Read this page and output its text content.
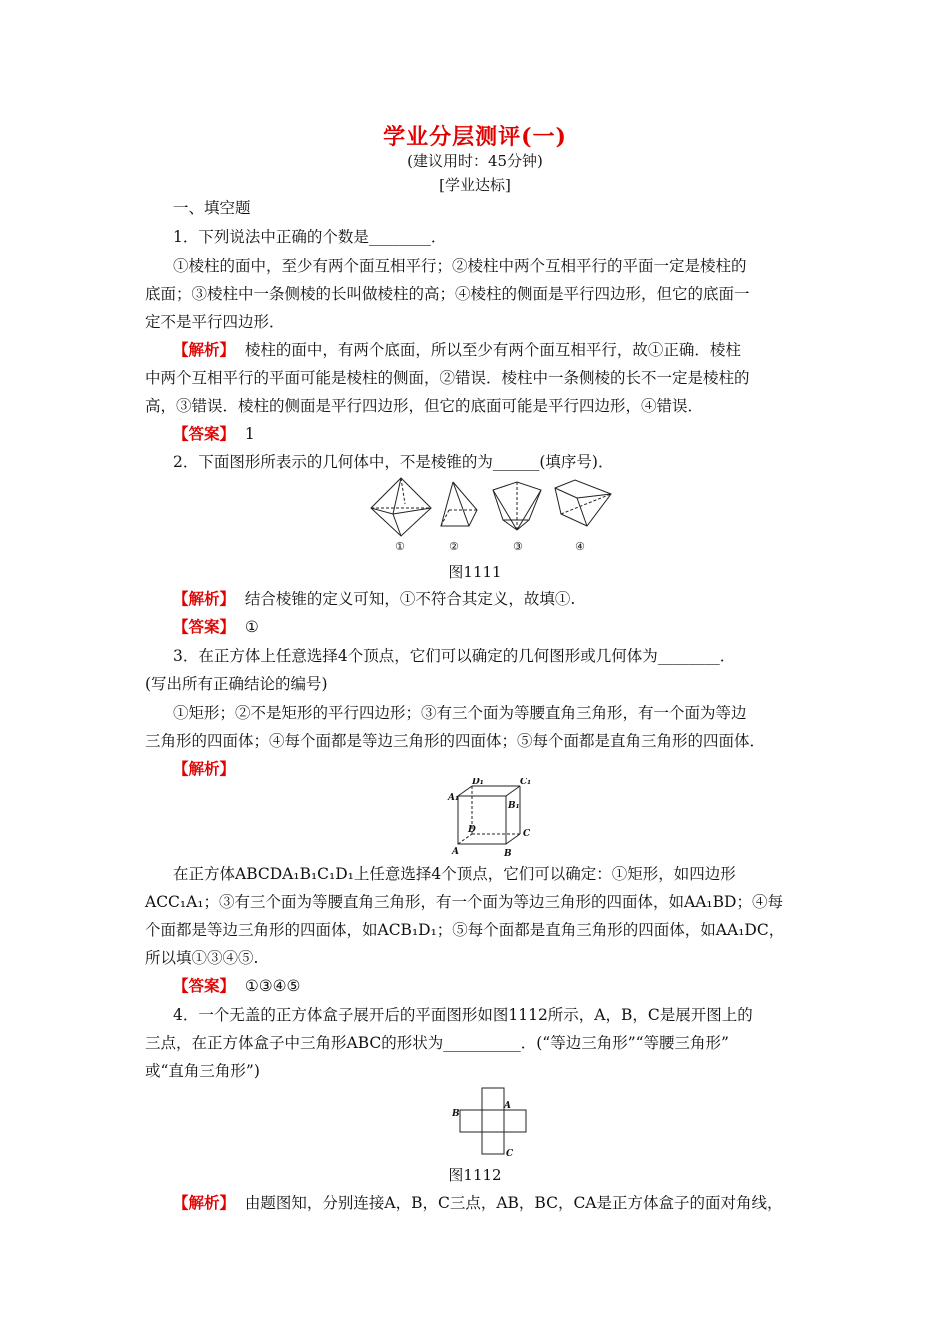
学业分层测评(一)
(建议用时：45分钟)
[学业达标]
一、填空题
1．下列说法中正确的个数是________．
①棱柱的面中，至少有两个面互相平行；②棱柱中两个互相平行的平面一定是棱柱的
底面；③棱柱中一条侧棱的长叫做棱柱的高；④棱柱的侧面是平行四边形，但它的底面一
定不是平行四边形．
【解析】 棱柱的面中，有两个底面，所以至少有两个面互相平行，故①正确．棱柱
中两个互相平行的平面可能是棱柱的侧面，②错误．棱柱中一条侧棱的长不一定是棱柱的
高，③错误．棱柱的侧面是平行四边形，但它的底面可能是平行四边形，④错误．
【答案】 1
2．下面图形所表示的几何体中，不是棱锥的为______(填序号)．
①	②	③	④
图1111
【解析】 结合棱锥的定义可知，①不符合其定义，故填①.
【答案】 ①
3．在正方体上任意选择4个顶点，它们可以确定的几何图形或几何体为________．
(写出所有正确结论的编号)
①矩形；②不是矩形的平行四边形；③有三个面为等腰直角三角形，有一个面为等边
三角形的四面体；④每个面都是等边三角形的四面体；⑤每个面都是直角三角形的四面体．
【解析】
D₁	C₁
A₁
B₁
D	C
A	B
在正方体ABCDA₁B₁C₁D₁上任意选择4个顶点，它们可以确定：①矩形，如四边形
ACC₁A₁；③有三个面为等腰直角三角形，有一个面为等边三角形的四面体，如AA₁BD；④每
个面都是等边三角形的四面体，如ACB₁D₁；⑤每个面都是直角三角形的四面体，如AA₁DC，
所以填①③④⑤.
【答案】 ①③④⑤
4．一个无盖的正方体盒子展开后的平面图形如图1112所示，A，B，C是展开图上的
三点，在正方体盒子中三角形ABC的形状为__________．(“等边三角形”“等腰三角形”
或“直角三角形”)
B
A
C
图1112
【解析】 由题图知，分别连接A，B，C三点，AB，BC，CA是正方体盒子的面对角线，
